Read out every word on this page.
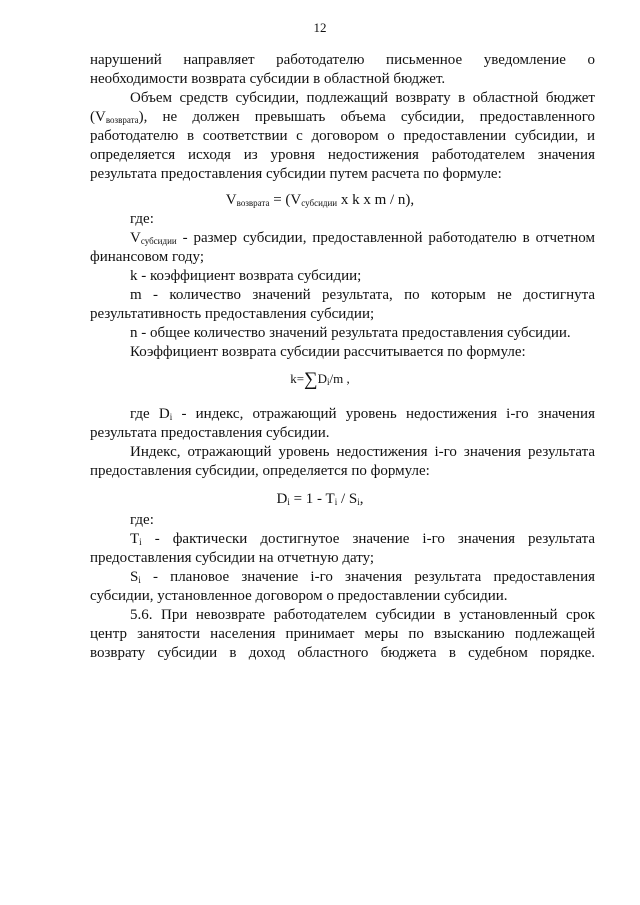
12
нарушений направляет работодателю письменное уведомление о
необходимости возврата субсидии в областной бюджет.
Объем средств субсидии, подлежащий возврату в областной бюджет
$(V_{возврата})$, не должен превышать объема субсидии, предоставленного
работодателю в соответствии с договором о предоставлении субсидии, и
определяется исходя из уровня недостижения работодателем значения
результата предоставления субсидии путем расчета по формуле:
$V_{возврата} = (V_{субсидии}$ x k x m / n),
где:
$V_{субсидии}$ - размер субсидии, предоставленной работодателю в отчетном
финансовом году;
k - коэффициент возврата субсидии;
m - количество значений результата, по которым не достигнута
результативность предоставления субсидии;
n - общее количество значений результата предоставления субсидии.
Коэффициент возврата субсидии рассчитывается по формуле:
$k=\sum D_i/m$ ,
где $D_i$ - индекс, отражающий уровень недостижения i-го значения
результата предоставления субсидии.
Индекс, отражающий уровень недостижения i-го значения результата
предоставления субсидии, определяется по формуле:
$D_i = 1 - T_i / S_i$,
где:
$T_i$ - фактически достигнутое значение i-го значения результата
предоставления субсидии на отчетную дату;
$S_i$ - плановое значение i-го значения результата предоставления
субсидии, установленное договором о предоставлении субсидии.
5.6. При невозврате работодателем субсидии в установленный срок
центр занятости населения принимает меры по взысканию подлежащей
возврату субсидии в доход областного бюджета в судебном порядке.
